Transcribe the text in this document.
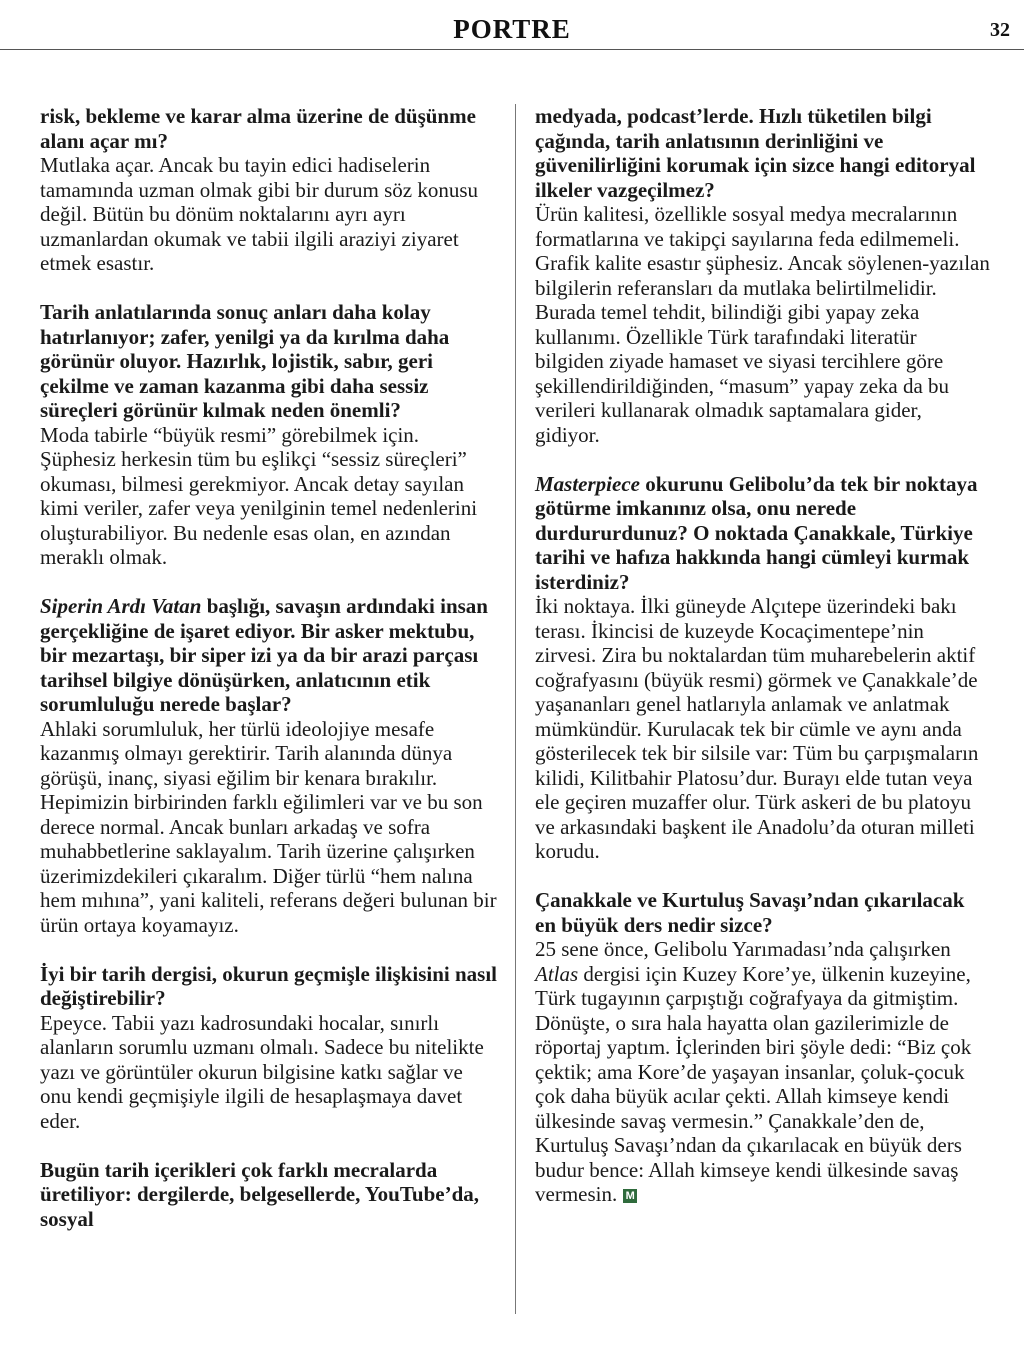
PORTRE	32
risk, bekleme ve karar alma üzerine de düşünme alanı açar mı?
Mutlaka açar. Ancak bu tayin edici hadiselerin tamamında uzman olmak gibi bir durum söz konusu değil. Bütün bu dönüm noktalarını ayrı ayrı uzmanlardan okumak ve tabii ilgili araziyi ziyaret etmek esastır.
Tarih anlatılarında sonuç anları daha kolay hatırlanıyor; zafer, yenilgi ya da kırılma daha görünür oluyor. Hazırlık, lojistik, sabır, geri çekilme ve zaman kazanma gibi daha sessiz süreçleri görünür kılmak neden önemli?
Moda tabirle “büyük resmi” görebilmek için. Şüphesiz herkesin tüm bu eşlikçi “sessiz süreçleri” okuması, bilmesi gerekmiyor. Ancak detay sayılan kimi veriler, zafer veya yenilginin temel nedenlerini oluşturabiliyor. Bu nedenle esas olan, en azından meraklı olmak.
Siperin Ardı Vatan başlığı, savaşın ardındaki insan gerçekliğine de işaret ediyor. Bir asker mektubu, bir mezartaşı, bir siper izi ya da bir arazi parçası tarihsel bilgiye dönüşürken, anlatıcının etik sorumluluğu nerede başlar?
Ahlaki sorumluluk, her türlü ideolojiye mesafe kazanmış olmayı gerektirir. Tarih alanında dünya görüşü, inanç, siyasi eğilim bir kenara bırakılır. Hepimizin birbirinden farklı eğilimleri var ve bu son derece normal. Ancak bunları arkadaş ve sofra muhabbetlerine saklayalım. Tarih üzerine çalışırken üzerimizdekileri çıkaralım. Diğer türlü “hem nalına hem mıhına”, yani kaliteli, referans değeri bulunan bir ürün ortaya koyamayız.
İyi bir tarih dergisi, okurun geçmişle ilişkisini nasıl değiştirebilir?
Epeyce. Tabii yazı kadrosundaki hocalar, sınırlı alanların sorumlu uzmanı olmalı. Sadece bu nitelikte yazı ve görüntüler okurun bilgisine katkı sağlar ve onu kendi geçmişiyle ilgili de hesaplaşmaya davet eder.
Bugün tarih içerikleri çok farklı mecralarda üretiliyor: dergilerde, belgesellerde, YouTube’da, sosyal
medyada, podcast’lerde. Hızlı tüketilen bilgi çağında, tarih anlatısının derinliğini ve güvenilirliğini korumak için sizce hangi editoryal ilkeler vazgeçilmez?
Ürün kalitesi, özellikle sosyal medya mecralarının formatlarına ve takipçi sayılarına feda edilmemeli. Grafik kalite esastır şüphesiz. Ancak söylenen-yazılan bilgilerin referansları da mutlaka belirtilmelidir. Burada temel tehdit, bilindiği gibi yapay zeka kullanımı. Özellikle Türk tarafındaki literatür bilgiden ziyade hamaset ve siyasi tercihlere göre şekillendirildiğinden, “masum” yapay zeka da bu verileri kullanarak olmadık saptamalara gider, gidiyor.
Masterpiece okurunu Gelibolu’da tek bir noktaya götürme imkanınız olsa, onu nerede durdururdunuz? O noktada Çanakkale, Türkiye tarihi ve hafıza hakkında hangi cümleyi kurmak isterdiniz?
İki noktaya. İlki güneyde Alçıtepe üzerindeki bakı terası. İkincisi de kuzeyde Kocaçimentepe’nin zirvesi. Zira bu noktalardan tüm muharebelerin aktif coğrafyasını (büyük resmi) görmek ve Çanakkale’de yaşananları genel hatlarıyla anlamak ve anlatmak mümkündür. Kurulacak tek bir cümle ve aynı anda gösterilecek tek bir silsile var: Tüm bu çarpışmaların kilidi, Kilitbahir Platosu’dur. Burayı elde tutan veya ele geçiren muzaffer olur. Türk askeri de bu platoyu ve arkasındaki başkent ile Anadolu’da oturan milleti korudu.
Çanakkale ve Kurtuluş Savaşı’ndan çıkarılacak en büyük ders nedir sizce?
25 sene önce, Gelibolu Yarımadası’nda çalışırken Atlas dergisi için Kuzey Kore’ye, ülkenin kuzeyine, Türk tugayının çarpıştığı coğrafyaya da gitmiştim. Dönüşte, o sıra hala hayatta olan gazilerimizle de röportaj yaptım. İçlerinden biri şöyle dedi: “Biz çok çektik; ama Kore’de yaşayan insanlar, çoluk-çocuk çok daha büyük acılar çekti. Allah kimseye kendi ülkesinde savaş vermesin.” Çanakkale’den de, Kurtuluş Savaşı’ndan da çıkarılacak en büyük ders budur bence: Allah kimseye kendi ülkesinde savaş vermesin. M
